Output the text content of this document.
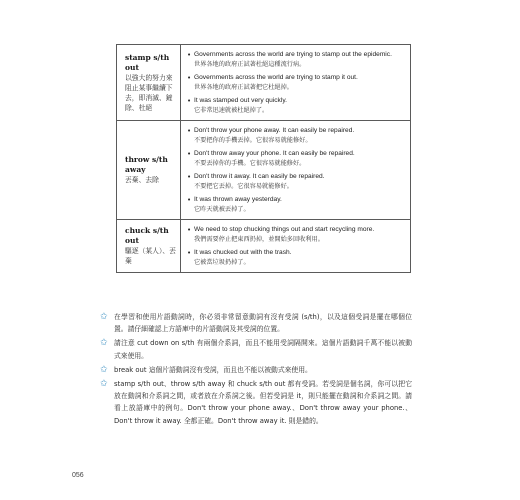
stamp s/th out
以強大的努力來阻止某事繼續下去，即消滅、鏟除、杜絕
• Governments across the world are trying to stamp out the epidemic.
世界各地的政府正試著杜絕這種流行病。
• Governments across the world are trying to stamp it out.
世界各地的政府正試著把它杜絕掉。
• It was stamped out very quickly.
它非常迅速就被杜絕掉了。
throw s/th away
丟棄、去除
• Don't throw your phone away. It can easily be repaired.
不要把你的手機丟掉。它很容易就能修好。
• Don't throw away your phone. It can easily be repaired.
不要丟掉你的手機。它很容易就能修好。
• Don't throw it away. It can easily be repaired.
不要把它丟掉。它很容易就能修好。
• It was thrown away yesterday.
它昨天就被丟掉了。
chuck s/th out
驅逐（某人）、丟棄
• We need to stop chucking things out and start recycling more.
我們需要停止把東西扔掉，並開始多回收利用。
• It was chucked out with the trash.
它被當垃圾扔掉了。
✩ 在學習和使用片語動詞時，你必須非常留意動詞有沒有受詞 (s/th)，以及這個受詞是擺在哪個位置。請仔細確認上方語庫中的片語動詞及其受詞的位置。
✩ 請注意 cut down on s/th 有兩個介系詞，而且不能用受詞隔開來。這個片語動詞千萬不能以被動式來使用。
✩ break out 這個片語動詞沒有受詞，而且也不能以被動式來使用。
✩ stamp s/th out、throw s/th away 和 chuck s/th out 都有受詞。若受詞是個名詞，你可以把它放在動詞和介系詞之間，或者放在介系詞之後。但若受詞是 it，則只能擺在動詞和介系詞之間。請看上放語庫中的例句。Don't throw your phone away.、Don't throw away your phone.、Don't throw it away. 全都正確。Don't throw away it. 則是錯的。
056
